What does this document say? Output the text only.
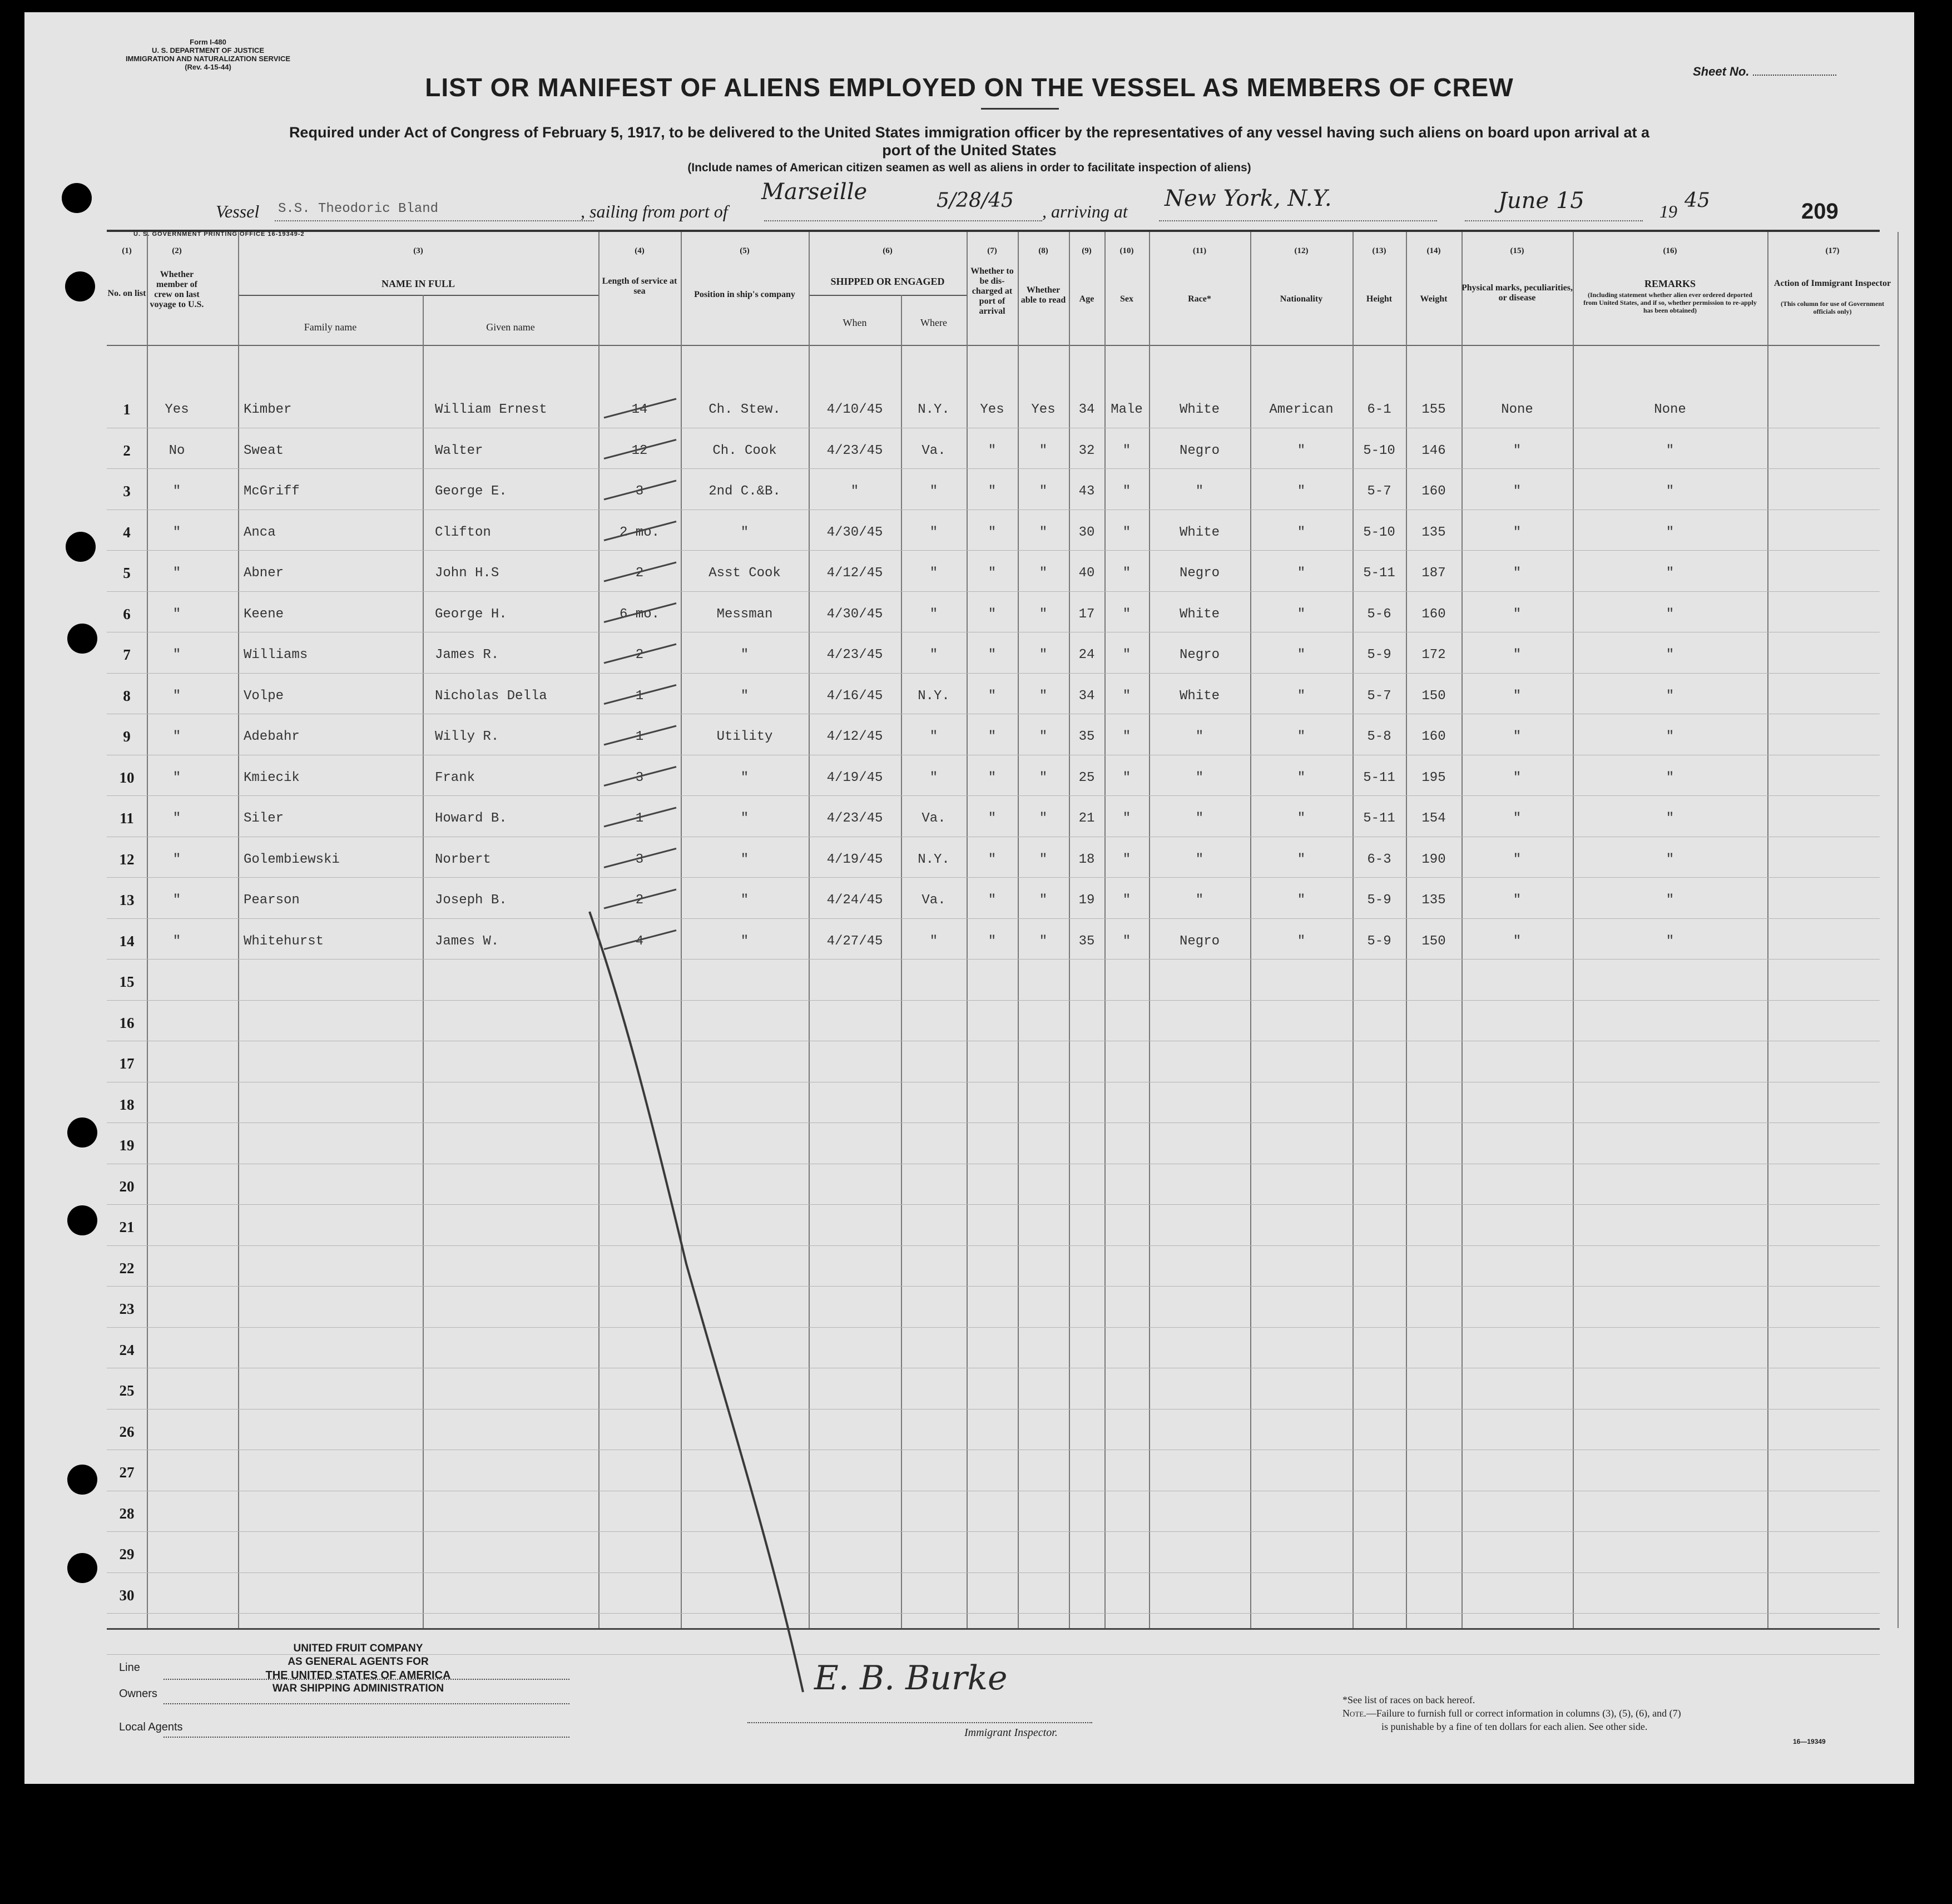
Form I-480
U. S. DEPARTMENT OF JUSTICE
IMMIGRATION AND NATURALIZATION SERVICE
(Rev. 4-15-44)	Sheet No.
LIST OR MANIFEST OF ALIENS EMPLOYED ON THE VESSEL AS MEMBERS OF CREW
Required under Act of Congress of February 5, 1917, to be delivered to the United States immigration officer by the representatives of any vessel having such aliens on board upon arrival at a
port of the United States
(Include names of American citizen seamen as well as aliens in order to facilitate inspection of aliens)
Vessel S.S. Theodoric Bland	, sailing from port of
Marseille	5/28/45 , arriving at New York, N.Y.	June 15	19 45	209
U. S. GOVERNMENT PRINTING OFFICE 16-19349-2
(1)	(2)	(3)	(4)	(5)	(6)	(7)	(8)	(9)	(10)	(11)	(12)	(13)	(14)	(15)	(16)	(17)
No. on list
Whether member of crew on last voyage to U.S.
NAME IN FULL
Family name	Given name
Length of service at sea	Position in ship's company
SHIPPED OR ENGAGED
When	Where
Whether to be dis-charged at port of arrival
Whether able to read	Age	Sex	Race*	Nationality	Height	Weight
Physical marks, peculiarities, or disease
REMARKS
(Including statement whether alien ever ordered deported from United States, and if so, whether permission to re-apply has been obtained)
Action of Immigrant Inspector
(This column for use of Government officials only)
1	Yes	Kimber	William Ernest	14	Ch. Stew.	4/10/45	N.Y.	Yes	Yes	34	Male	White	American	6-1	155	None	None
2	No	Sweat	Walter	12	Ch. Cook	4/23/45	Va.	"	"	32	"	Negro	"	5-10	146	"	"
3	"	McGriff	George E.	3	2nd C.&B.	"	"	"	"	43	"	"	"	5-7	160	"	"
4	"	Anca	Clifton	2 mo.	"	4/30/45	"	"	"	30	"	White	"	5-10	135	"	"
5	"	Abner	John H.S	2	Asst Cook	4/12/45	"	"	"	40	"	Negro	"	5-11	187	"	"
6	"	Keene	George H.	6 mo.	Messman	4/30/45	"	"	"	17	"	White	"	5-6	160	"	"
7	"	Williams	James R.	2	"	4/23/45	"	"	"	24	"	Negro	"	5-9	172	"	"
8	"	Volpe	Nicholas Della	1	"	4/16/45	N.Y.	"	"	34	"	White	"	5-7	150	"	"
9	"	Adebahr	Willy R.	1	Utility	4/12/45	"	"	"	35	"	"	"	5-8	160	"	"
10	"	Kmiecik	Frank	3	"	4/19/45	"	"	"	25	"	"	"	5-11	195	"	"
11	"	Siler	Howard B.	1	"	4/23/45	Va.	"	"	21	"	"	"	5-11	154	"	"
12	"	Golembiewski	Norbert	3	"	4/19/45	N.Y.	"	"	18	"	"	"	6-3	190	"	"
13	"	Pearson	Joseph B.	2	"	4/24/45	Va.	"	"	19	"	"	"	5-9	135	"	"
14	"	Whitehurst	James W.	4	"	4/27/45	"	"	"	35	"	Negro	"	5-9	150	"	"
15
16
17
18
19
20
21
22
23
24
25
26
27
28
29
30
Line
Owners
Local Agents
UNITED FRUIT COMPANY
AS GENERAL AGENTS FOR
THE UNITED STATES OF AMERICA
WAR SHIPPING ADMINISTRATION	E. B. Burke
Immigrant Inspector.
*See list of races on back hereof.
Note.—Failure to furnish full or correct information in columns (3), (5), (6), and (7)
is punishable by a fine of ten dollars for each alien. See other side.
16—19349
